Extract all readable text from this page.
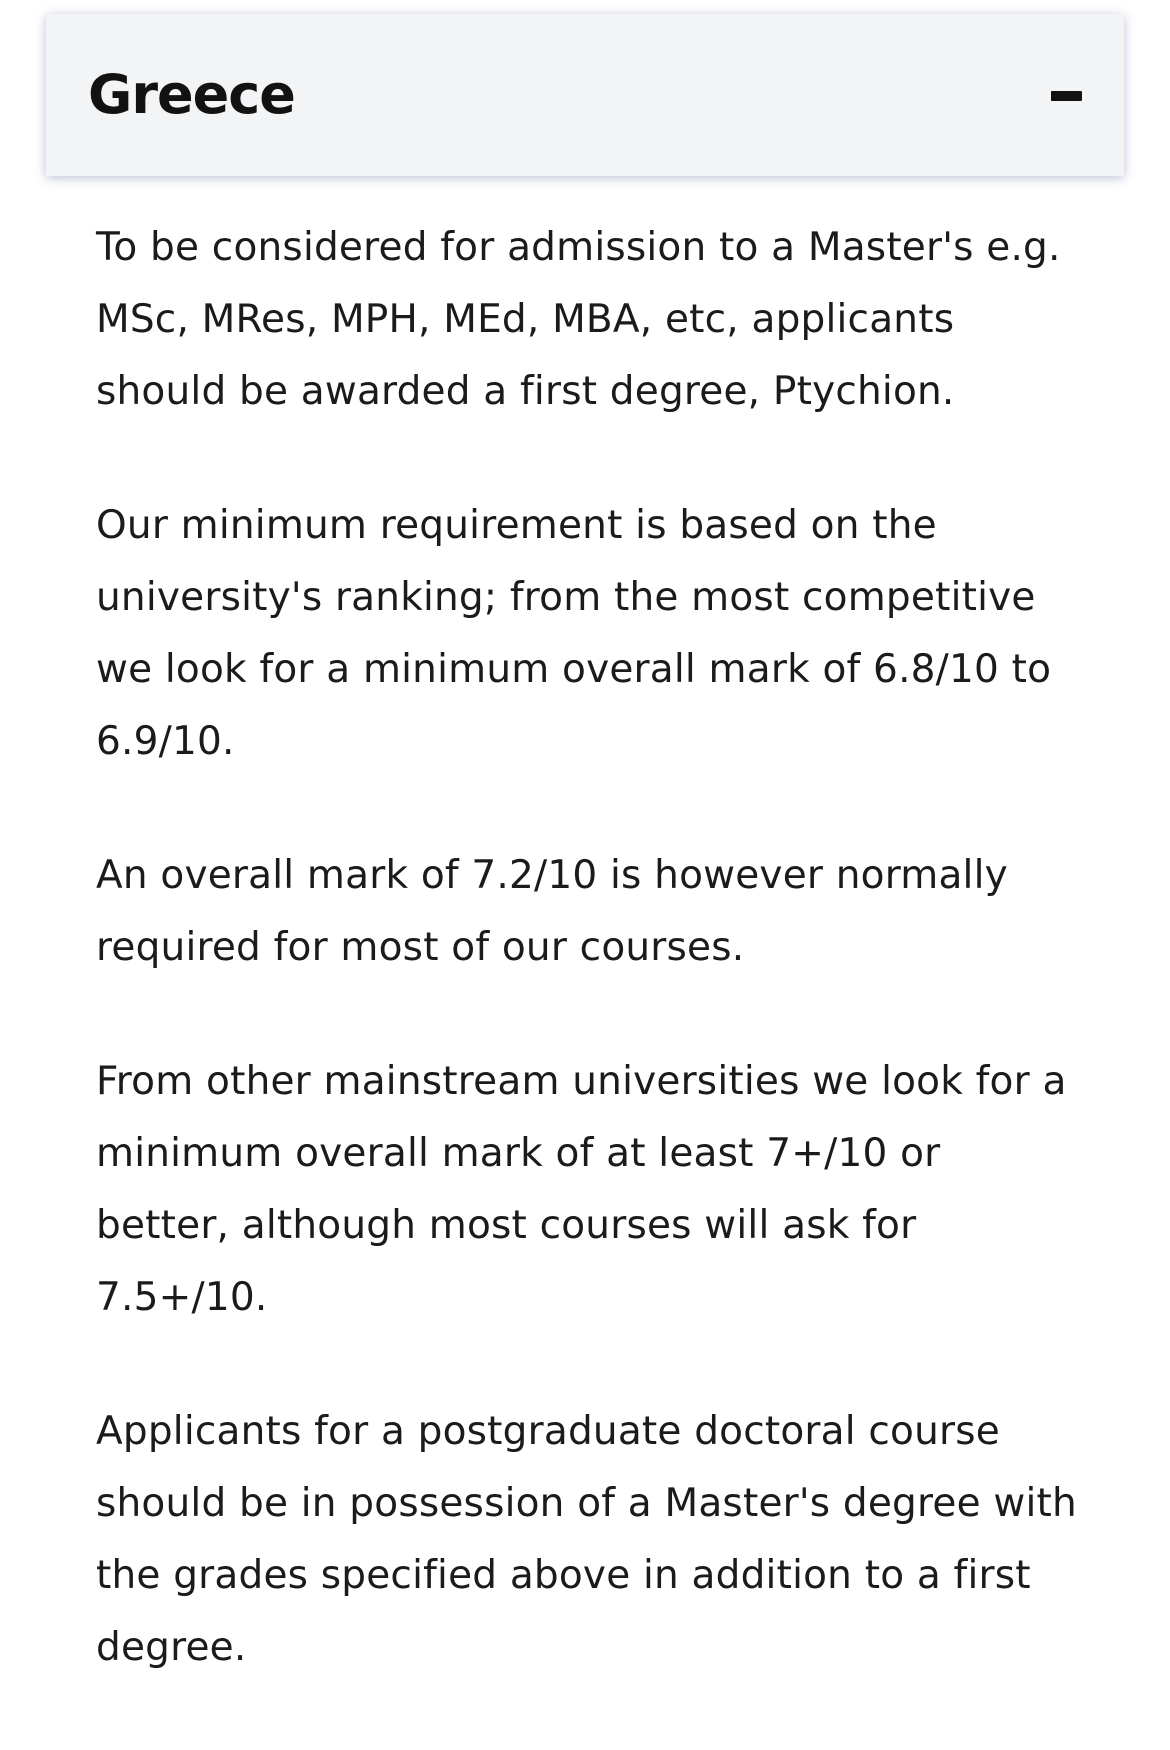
Greece

To be considered for admission to a Master's e.g. MSc, MRes, MPH, MEd, MBA, etc, applicants should be awarded a first degree, Ptychion.

Our minimum requirement is based on the university's ranking; from the most competitive we look for a minimum overall mark of 6.8/10 to 6.9/10.

An overall mark of 7.2/10 is however normally required for most of our courses.

From other mainstream universities we look for a minimum overall mark of at least 7+/10 or better, although most courses will ask for 7.5+/10.

Applicants for a postgraduate doctoral course should be in possession of a Master's degree with the grades specified above in addition to a first degree.
